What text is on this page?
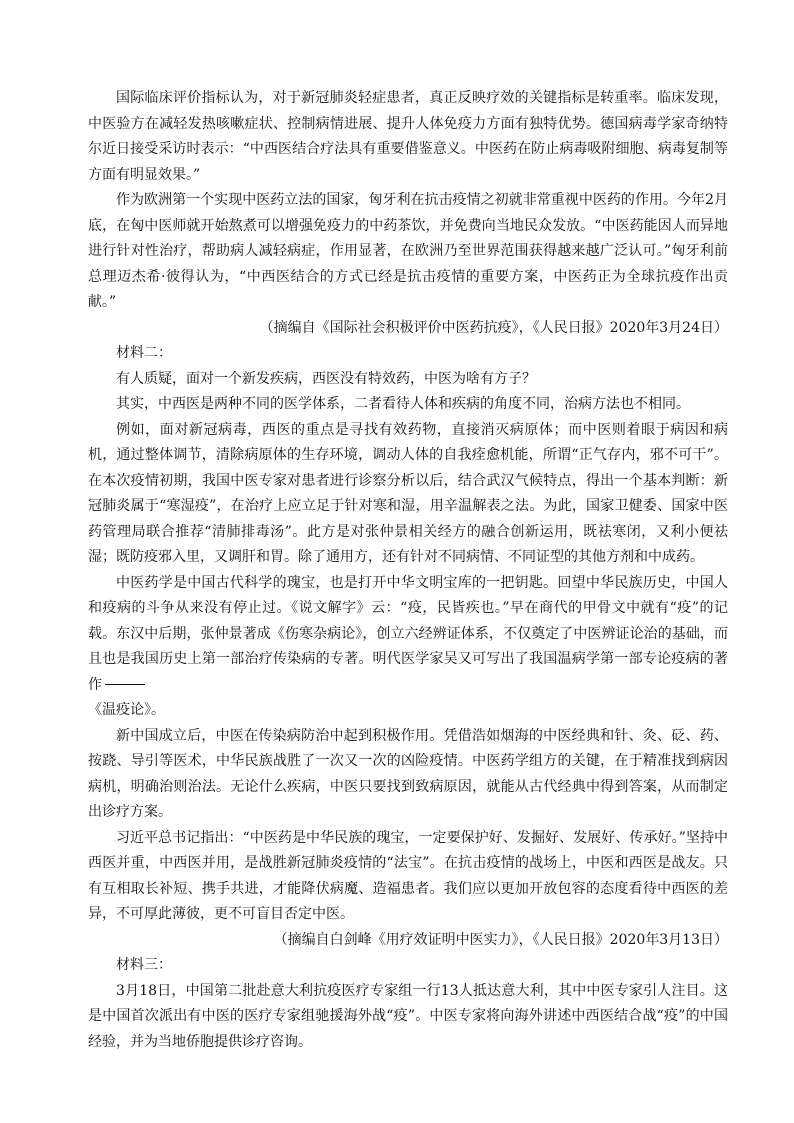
国际临床评价指标认为，对于新冠肺炎轻症患者，真正反映疗效的关键指标是转重率。临床发现，中医验方在减轻发热咳嗽症状、控制病情进展、提升人体免疫力方面有独特优势。德国病毒学家奇纳特尔近日接受采访时表示：“中西医结合疗法具有重要借鉴意义。中医药在防止病毒吸附细胞、病毒复制等方面有明显效果。”

作为欧洲第一个实现中医药立法的国家，匈牙利在抗击疫情之初就非常重视中医药的作用。今年2月底，在匈中医师就开始熬煮可以增强免疫力的中药茶饮，并免费向当地民众发放。“中医药能因人而异地进行针对性治疗，帮助病人减轻病症，作用显著，在欧洲乃至世界范围获得越来越广泛认可。”匈牙利前总理迈杰希·彼得认为，“中西医结合的方式已经是抗击疫情的重要方案，中医药正为全球抗疫作出贡献。”

（摘编自《国际社会积极评价中医药抗疫》，《人民日报》2020年3月24日）

材料二：

有人质疑，面对一个新发疾病，西医没有特效药，中医为啥有方子？

其实，中西医是两种不同的医学体系，二者看待人体和疾病的角度不同，治病方法也不相同。

例如，面对新冠病毒，西医的重点是寻找有效药物，直接消灭病原体；而中医则着眼于病因和病机，通过整体调节，清除病原体的生存环境，调动人体的自我痊愈机能，所谓“正气存内，邪不可干”。在本次疫情初期，我国中医专家对患者进行诊察分析以后，结合武汉气候特点，得出一个基本判断：新冠肺炎属于“寒湿疫”，在治疗上应立足于针对寒和湿，用辛温解表之法。为此，国家卫健委、国家中医药管理局联合推荐“清肺排毒汤”。此方是对张仲景相关经方的融合创新运用，既祛寒闭，又利小便祛湿；既防疫邪入里，又调肝和胃。除了通用方，还有针对不同病情、不同证型的其他方剂和中成药。

中医药学是中国古代科学的瑰宝，也是打开中华文明宝库的一把钥匙。回望中华民族历史，中国人和疫病的斗争从来没有停止过。《说文解字》云：“疫，民皆疾也。”早在商代的甲骨文中就有“疫”的记载。东汉中后期，张仲景著成《伤寒杂病论》，创立六经辨证体系，不仅奠定了中医辨证论治的基础，而且也是我国历史上第一部治疗传染病的专著。明代医学家吴又可写出了我国温病学第一部专论疫病的著作

《温疫论》。

新中国成立后，中医在传染病防治中起到积极作用。凭借浩如烟海的中医经典和针、灸、砭、药、按跷、导引等医术，中华民族战胜了一次又一次的凶险疫情。中医药学组方的关键，在于精准找到病因病机，明确治则治法。无论什么疾病，中医只要找到致病原因，就能从古代经典中得到答案，从而制定出诊疗方案。

习近平总书记指出：“中医药是中华民族的瑰宝，一定要保护好、发掘好、发展好、传承好。”坚持中西医并重，中西医并用，是战胜新冠肺炎疫情的“法宝”。在抗击疫情的战场上，中医和西医是战友。只有互相取长补短、携手共进，才能降伏病魔、造福患者。我们应以更加开放包容的态度看待中西医的差异，不可厚此薄彼，更不可盲目否定中医。

（摘编自白剑峰《用疗效证明中医实力》，《人民日报》2020年3月13日）

材料三：

3月18日，中国第二批赴意大利抗疫医疗专家组一行13人抵达意大利，其中中医专家引人注目。这是中国首次派出有中医的医疗专家组驰援海外战“疫”。中医专家将向海外讲述中西医结合战“疫”的中国经验，并为当地侨胞提供诊疗咨询。
